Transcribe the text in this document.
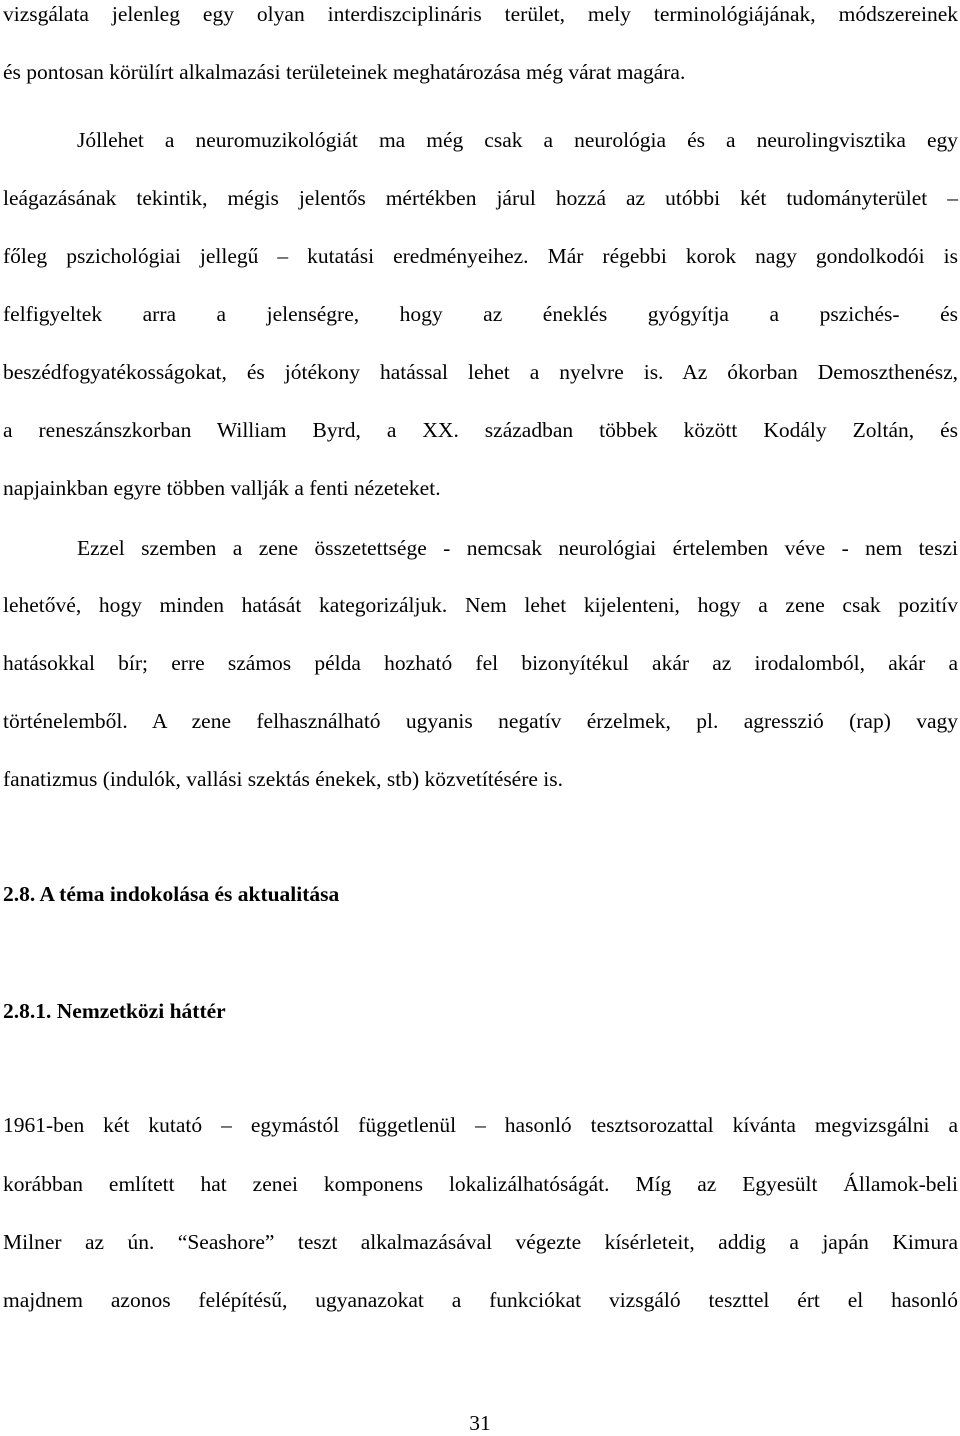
vizsgálata jelenleg egy olyan interdiszciplináris terület, mely terminológiájának, módszereinek
és pontosan körülírt alkalmazási területeinek meghatározása még várat magára.
Jóllehet a neuromuzikológiát ma még csak a neurológia és a neurolingvisztika egy
leágazásának tekintik, mégis jelentős mértékben járul hozzá az utóbbi két tudományterület –
főleg pszichológiai jellegű – kutatási eredményeihez. Már régebbi korok nagy gondolkodói is
felfigyeltek arra a jelenségre, hogy az éneklés gyógyítja a pszichés- és
beszédfogyatékosságokat, és jótékony hatással lehet a nyelvre is. Az ókorban Demoszthenész,
a reneszánszkorban William Byrd, a XX. században többek között Kodály Zoltán, és
napjainkban egyre többen vallják a fenti nézeteket.
Ezzel szemben a zene összetettsége - nemcsak neurológiai értelemben véve - nem teszi
lehetővé, hogy minden hatását kategorizáljuk. Nem lehet kijelenteni, hogy a zene csak pozitív
hatásokkal bír; erre számos példa hozható fel bizonyítékul akár az irodalomból, akár a
történelemből. A zene felhasználható ugyanis negatív érzelmek, pl. agresszió (rap) vagy
fanatizmus (indulók, vallási szektás énekek, stb) közvetítésére is.
2.8. A téma indokolása és aktualitása
2.8.1. Nemzetközi háttér
1961-ben két kutató – egymástól függetlenül – hasonló tesztsorozattal kívánta megvizsgálni a
korábban említett hat zenei komponens lokalizálhatóságát. Míg az Egyesült Államok-beli
Milner az ún. “Seashore” teszt alkalmazásával végezte kísérleteit, addig a japán Kimura
majdnem azonos felépítésű, ugyanazokat a funkciókat vizsgáló teszttel ért el hasonló
31
